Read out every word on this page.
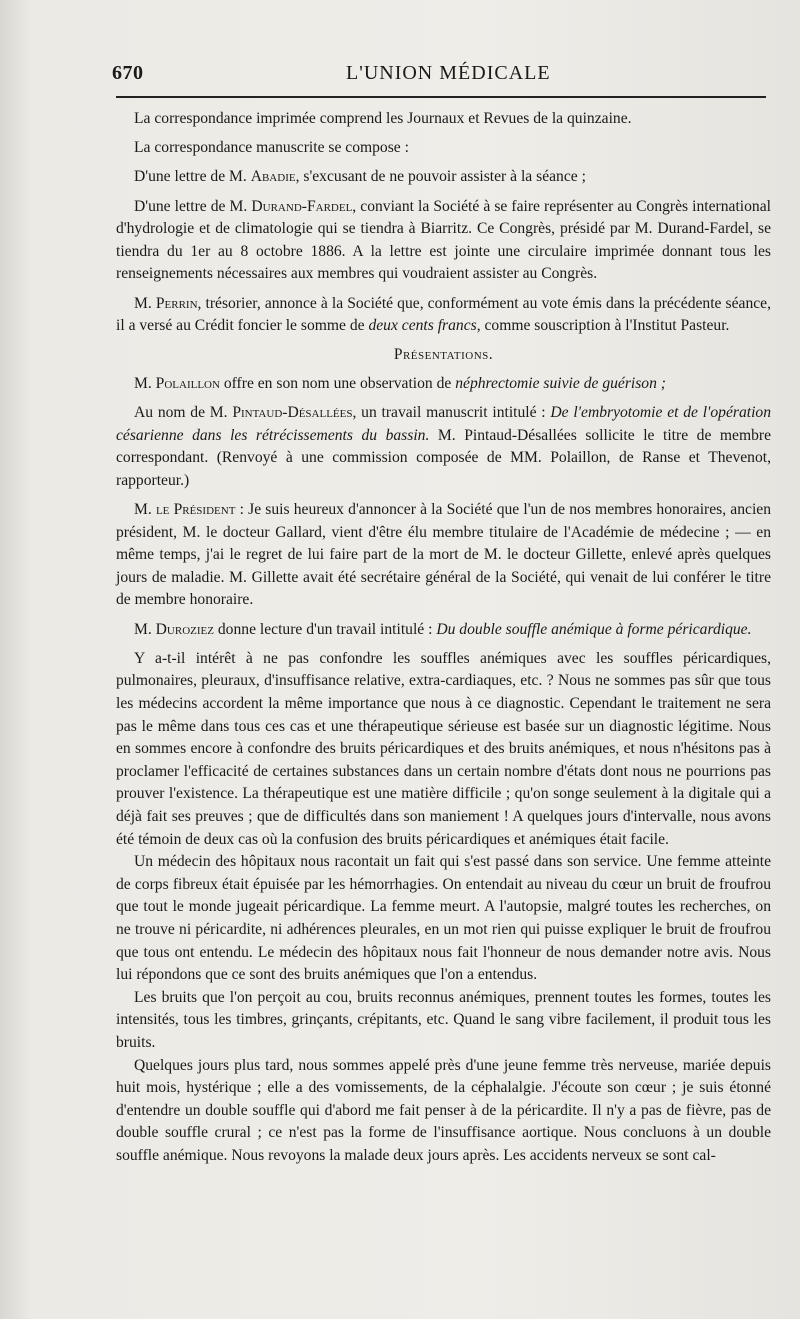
670	L'UNION MÉDICALE

La correspondance imprimée comprend les Journaux et Revues de la quinzaine.

La correspondance manuscrite se compose :

D'une lettre de M. Abadie, s'excusant de ne pouvoir assister à la séance ;

D'une lettre de M. Durand-Fardel, conviant la Société à se faire représenter au Congrès international d'hydrologie et de climatologie qui se tiendra à Biarritz. Ce Congrès, présidé par M. Durand-Fardel, se tiendra du 1er au 8 octobre 1886. A la lettre est jointe une circulaire imprimée donnant tous les renseignements nécessaires aux membres qui voudraient assister au Congrès.

M. Perrin, trésorier, annonce à la Société que, conformément au vote émis dans la précédente séance, il a versé au Crédit foncier le somme de deux cents francs, comme souscription à l'Institut Pasteur.

Présentations.

M. Polaillon offre en son nom une observation de néphrectomie suivie de guérison ;

Au nom de M. Pintaud-Désallées, un travail manuscrit intitulé : De l'embryotomie et de l'opération césarienne dans les rétrécissements du bassin. M. Pintaud-Désallées sollicite le titre de membre correspondant. (Renvoyé à une commission composée de MM. Polaillon, de Ranse et Thevenot, rapporteur.)

M. le Président : Je suis heureux d'annoncer à la Société que l'un de nos membres honoraires, ancien président, M. le docteur Gallard, vient d'être élu membre titulaire de l'Académie de médecine ; — en même temps, j'ai le regret de lui faire part de la mort de M. le docteur Gillette, enlevé après quelques jours de maladie. M. Gillette avait été secrétaire général de la Société, qui venait de lui conférer le titre de membre honoraire.

M. Duroziez donne lecture d'un travail intitulé : Du double souffle anémique à forme péricardique.

Y a-t-il intérêt à ne pas confondre les souffles anémiques avec les souffles péricardiques, pulmonaires, pleuraux, d'insuffisance relative, extra-cardiaques, etc. ? Nous ne sommes pas sûr que tous les médecins accordent la même importance que nous à ce diagnostic. Cependant le traitement ne sera pas le même dans tous ces cas et une thérapeutique sérieuse est basée sur un diagnostic légitime. Nous en sommes encore à confondre des bruits péricardiques et des bruits anémiques, et nous n'hésitons pas à proclamer l'efficacité de certaines substances dans un certain nombre d'états dont nous ne pourrions pas prouver l'existence. La thérapeutique est une matière difficile ; qu'on songe seulement à la digitale qui a déjà fait ses preuves ; que de difficultés dans son maniement ! A quelques jours d'intervalle, nous avons été témoin de deux cas où la confusion des bruits péricardiques et anémiques était facile.

Un médecin des hôpitaux nous racontait un fait qui s'est passé dans son service. Une femme atteinte de corps fibreux était épuisée par les hémorrhagies. On entendait au niveau du cœur un bruit de froufrou que tout le monde jugeait péricardique. La femme meurt. A l'autopsie, malgré toutes les recherches, on ne trouve ni péricardite, ni adhérences pleurales, en un mot rien qui puisse expliquer le bruit de froufrou que tous ont entendu. Le médecin des hôpitaux nous fait l'honneur de nous demander notre avis. Nous lui répondons que ce sont des bruits anémiques que l'on a entendus.

Les bruits que l'on perçoit au cou, bruits reconnus anémiques, prennent toutes les formes, toutes les intensités, tous les timbres, grinçants, crépitants, etc. Quand le sang vibre facilement, il produit tous les bruits.

Quelques jours plus tard, nous sommes appelé près d'une jeune femme très nerveuse, mariée depuis huit mois, hystérique ; elle a des vomissements, de la céphalalgie. J'écoute son cœur ; je suis étonné d'entendre un double souffle qui d'abord me fait penser à de la péricardite. Il n'y a pas de fièvre, pas de double souffle crural ; ce n'est pas la forme de l'insuffisance aortique. Nous concluons à un double souffle anémique. Nous revoyons la malade deux jours après. Les accidents nerveux se sont cal-
